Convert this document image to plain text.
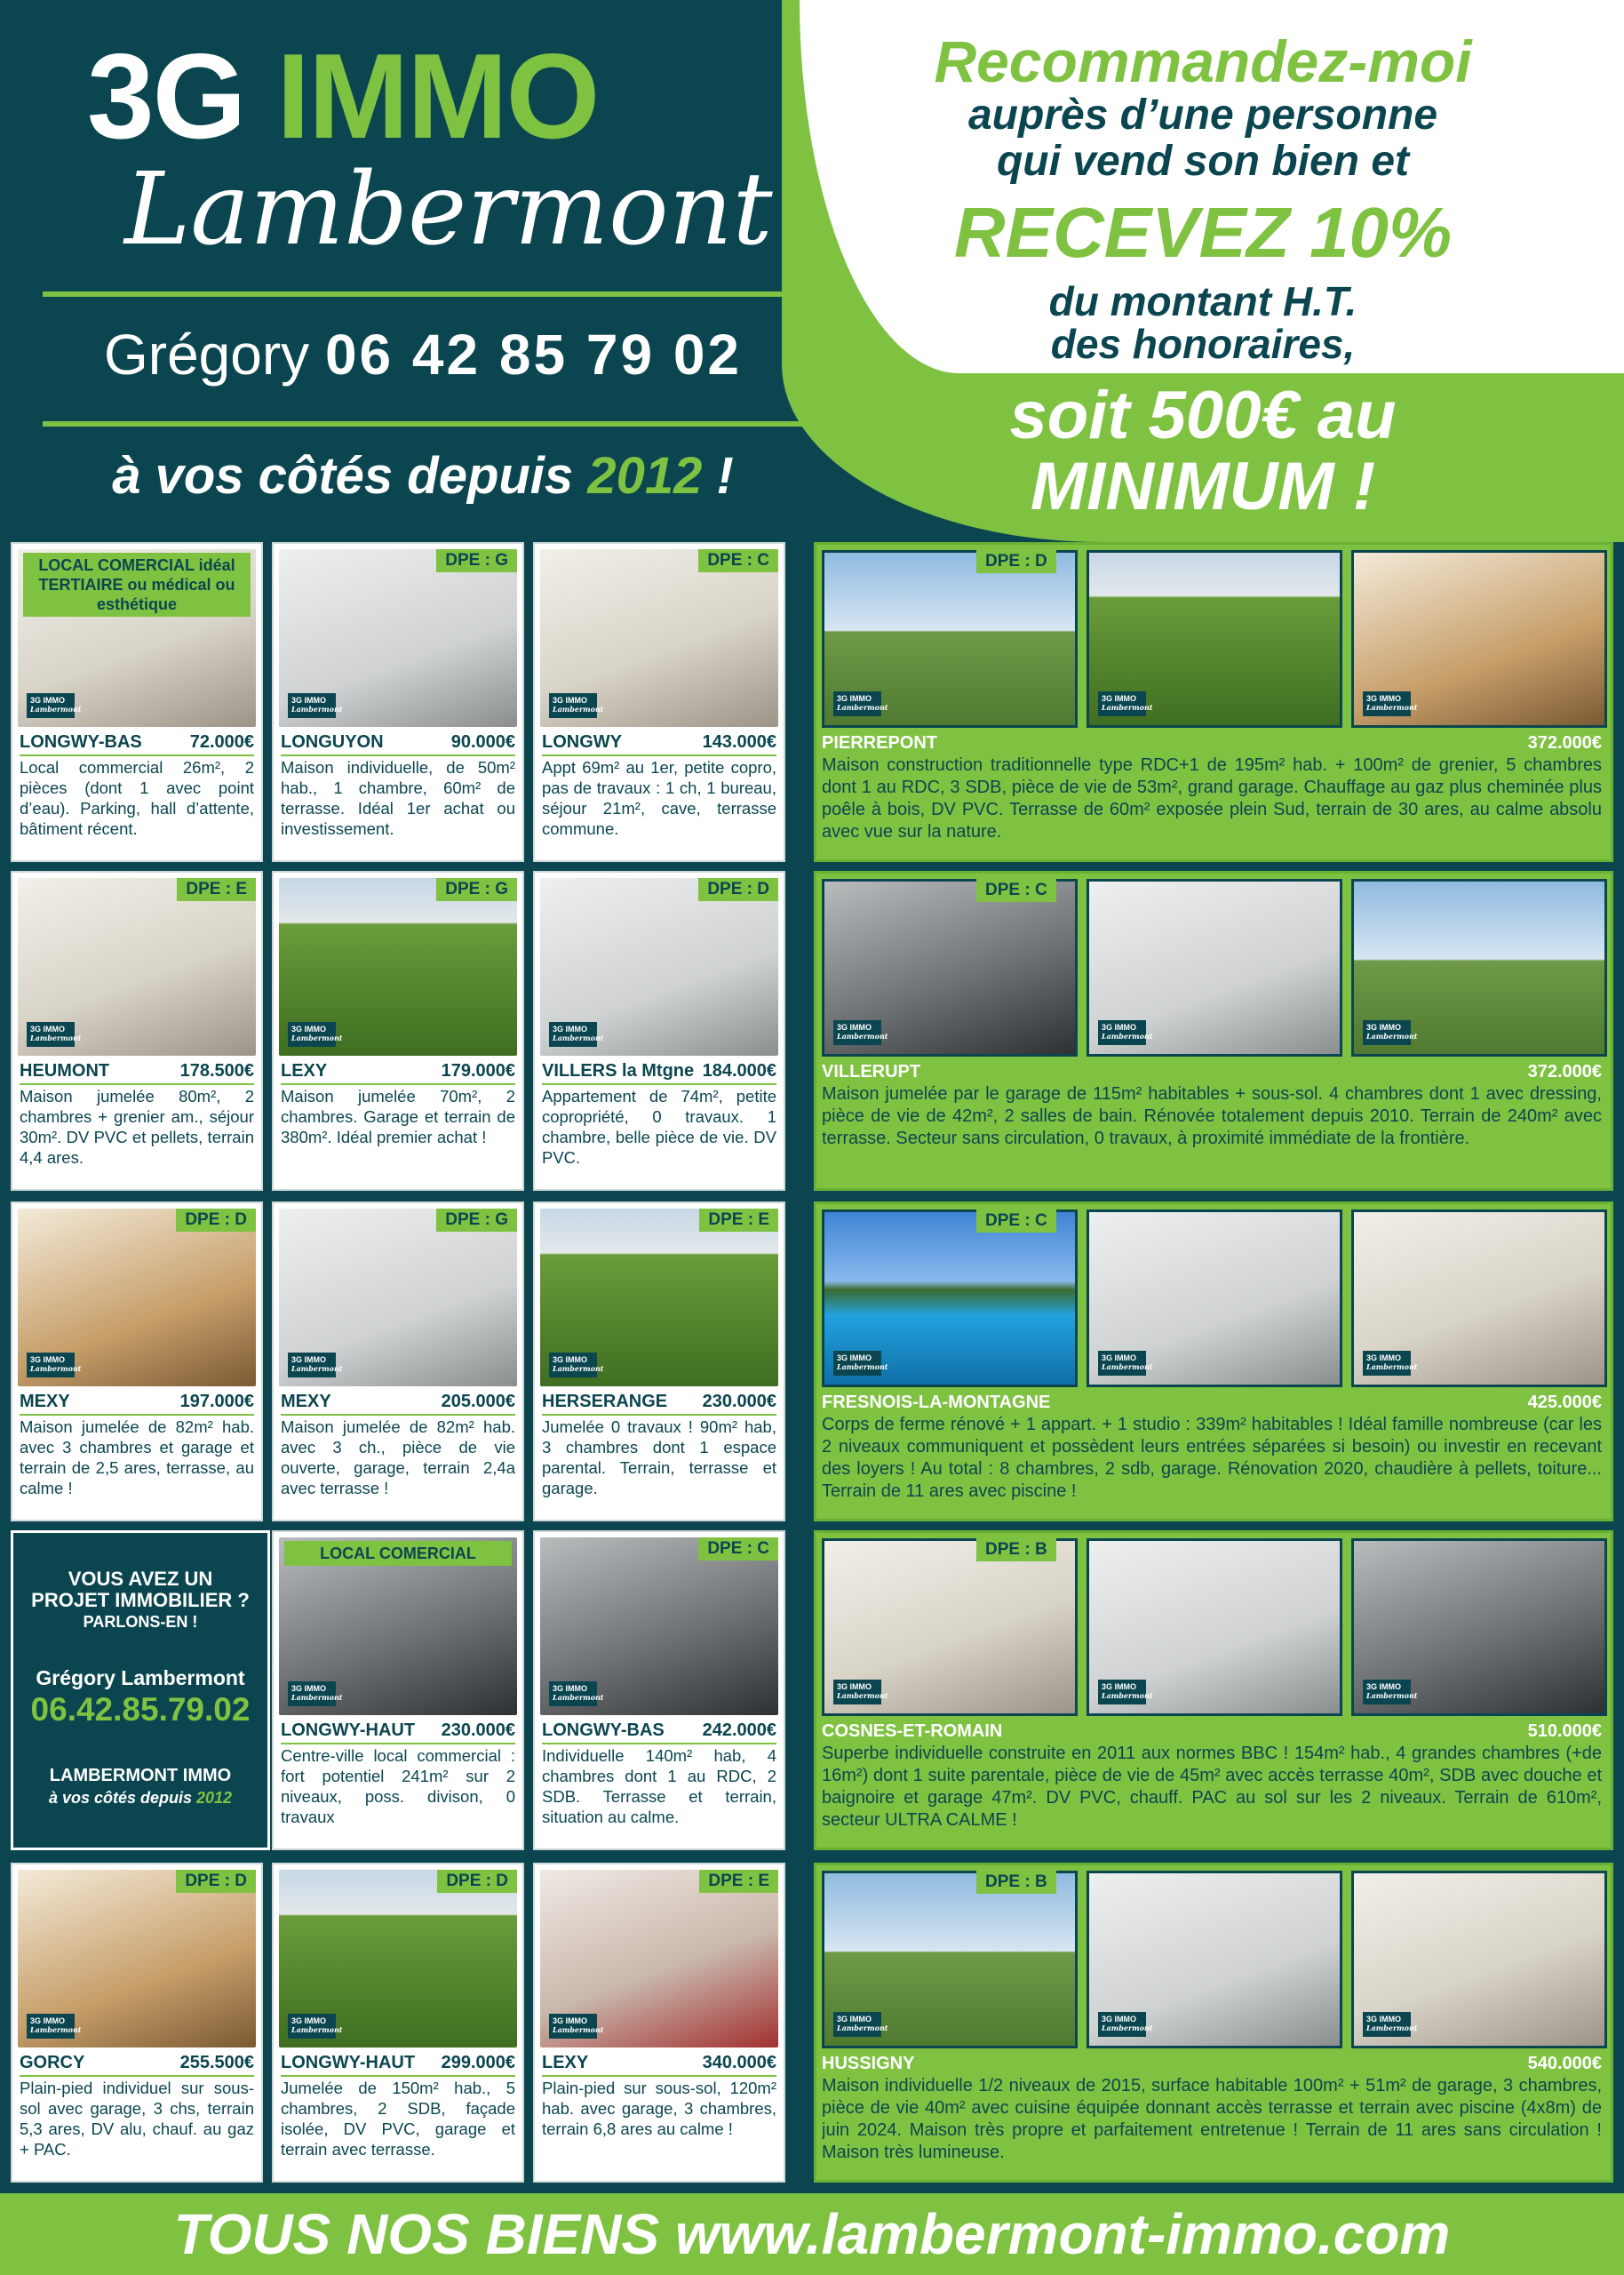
3G IMMO
Lambermont
Grégory 06 42 85 79 02
à vos côtés depuis 2012 !
Recommandez-moi
auprès d’une personne
qui vend son bien et
RECEVEZ 10%
du montant H.T.
des honoraires,
soit 500€ au
MINIMUM !
3G IMMO
Lambermont
LOCAL COMERCIAL idéal TERTIAIRE ou médical ou esthétique
LONGWY-BAS	72.000€
Local commercial 26m², 2 pièces (dont 1 avec point d’eau). Parking, hall d’attente, bâtiment récent.
3G IMMO
Lambermont
DPE : G
LONGUYON	90.000€
Maison individuelle, de 50m² hab., 1 chambre, 60m² de terrasse. Idéal 1er achat ou investissement.
3G IMMO
Lambermont
DPE : C
LONGWY	143.000€
Appt 69m² au 1er, petite copro, pas de travaux : 1 ch, 1 bureau, séjour 21m², cave, terrasse commune.
3G IMMO
Lambermont
DPE : E
HEUMONT	178.500€
Maison jumelée 80m², 2 chambres + grenier am., séjour 30m². DV PVC et pellets, terrain 4,4 ares.
3G IMMO
Lambermont
DPE : G
LEXY	179.000€
Maison jumelée 70m², 2 chambres. Garage et terrain de 380m². Idéal premier achat !
3G IMMO
Lambermont
DPE : D
VILLERS la Mtgne 184.000€
Appartement de 74m², petite copropriété, 0 travaux. 1 chambre, belle pièce de vie. DV PVC.
3G IMMO
Lambermont
DPE : D
MEXY	197.000€
Maison jumelée de 82m² hab. avec 3 chambres et garage et terrain de 2,5 ares, terrasse, au calme !
3G IMMO
Lambermont
DPE : G
MEXY	205.000€
Maison jumelée de 82m² hab. avec 3 ch., pièce de vie ouverte, garage, terrain 2,4a avec terrasse !
3G IMMO
Lambermont
DPE : E
HERSERANGE 230.000€
Jumelée 0 travaux ! 90m² hab, 3 chambres dont 1 espace parental. Terrain, terrasse et garage.
3G IMMO
Lambermont
LOCAL COMERCIAL
LONGWY-HAUT 230.000€
Centre-ville local commercial : fort potentiel 241m² sur 2 niveaux, poss. divison, 0 travaux
3G IMMO
Lambermont
DPE : C
LONGWY-BAS 242.000€
Individuelle 140m² hab, 4 chambres dont 1 au RDC, 2 SDB. Terrasse et terrain, situation au calme.
3G IMMO
Lambermont
DPE : D
GORCY	255.500€
Plain-pied individuel sur sous-sol avec garage, 3 chs, terrain 5,3 ares, DV alu, chauf. au gaz + PAC.
3G IMMO
Lambermont
DPE : D
LONGWY-HAUT 299.000€
Jumelée de 150m² hab., 5 chambres, 2 SDB, façade isolée, DV PVC, garage et terrain avec terrasse.
3G IMMO
Lambermont
DPE : E
LEXY	340.000€
Plain-pied sur sous-sol, 120m² hab. avec garage, 3 chambres, terrain 6,8 ares au calme !
3G IMMO
Lambermont
3G IMMO
Lambermont
3G IMMO
Lambermont
DPE : D
PIERREPONT	372.000€
Maison construction traditionnelle type RDC+1 de 195m² hab. + 100m² de grenier, 5 chambres dont 1 au RDC, 3 SDB, pièce de vie de 53m², grand garage. Chauffage au gaz plus cheminée plus poêle à bois, DV PVC. Terrasse de 60m² exposée plein Sud, terrain de 30 ares, au calme absolu avec vue sur la nature.
3G IMMO
Lambermont
3G IMMO
Lambermont
3G IMMO
Lambermont
DPE : C
VILLERUPT	372.000€
Maison jumelée par le garage de 115m² habitables + sous-sol. 4 chambres dont 1 avec dressing, pièce de vie de 42m², 2 salles de bain. Rénovée totalement depuis 2010. Terrain de 240m² avec terrasse. Secteur sans circulation, 0 travaux, à proximité immédiate de la frontière.
3G IMMO
Lambermont
3G IMMO
Lambermont
3G IMMO
Lambermont
DPE : C
FRESNOIS-LA-MONTAGNE	425.000€
Corps de ferme rénové + 1 appart. + 1 studio : 339m² habitables ! Idéal famille nombreuse (car les 2 niveaux communiquent et possèdent leurs entrées séparées si besoin) ou investir en recevant des loyers ! Au total : 8 chambres, 2 sdb, garage. Rénovation 2020, chaudière à pellets, toiture... Terrain de 11 ares avec piscine !
3G IMMO
Lambermont
3G IMMO
Lambermont
3G IMMO
Lambermont
DPE : B
COSNES-ET-ROMAIN	510.000€
Superbe individuelle construite en 2011 aux normes BBC ! 154m² hab., 4 grandes chambres (+de 16m²) dont 1 suite parentale, pièce de vie de 45m² avec accès terrasse 40m², SDB avec douche et baignoire et garage 47m². DV PVC, chauff. PAC au sol sur les 2 niveaux. Terrain de 610m², secteur ULTRA CALME !
3G IMMO
Lambermont
3G IMMO
Lambermont
3G IMMO
Lambermont
DPE : B
HUSSIGNY	540.000€
Maison individuelle 1/2 niveaux de 2015, surface habitable 100m² + 51m² de garage, 3 chambres, pièce de vie 40m² avec cuisine équipée donnant accès terrasse et terrain avec piscine (4x8m) de juin 2024. Maison très propre et parfaitement entretenue ! Terrain de 11 ares sans circulation ! Maison très lumineuse.
VOUS AVEZ UN
PROJET IMMOBILIER ?
PARLONS-EN !
Grégory Lambermont
06.42.85.79.02
LAMBERMONT IMMO
à vos côtés depuis 2012
TOUS NOS BIENS www.lambermont-immo.com
